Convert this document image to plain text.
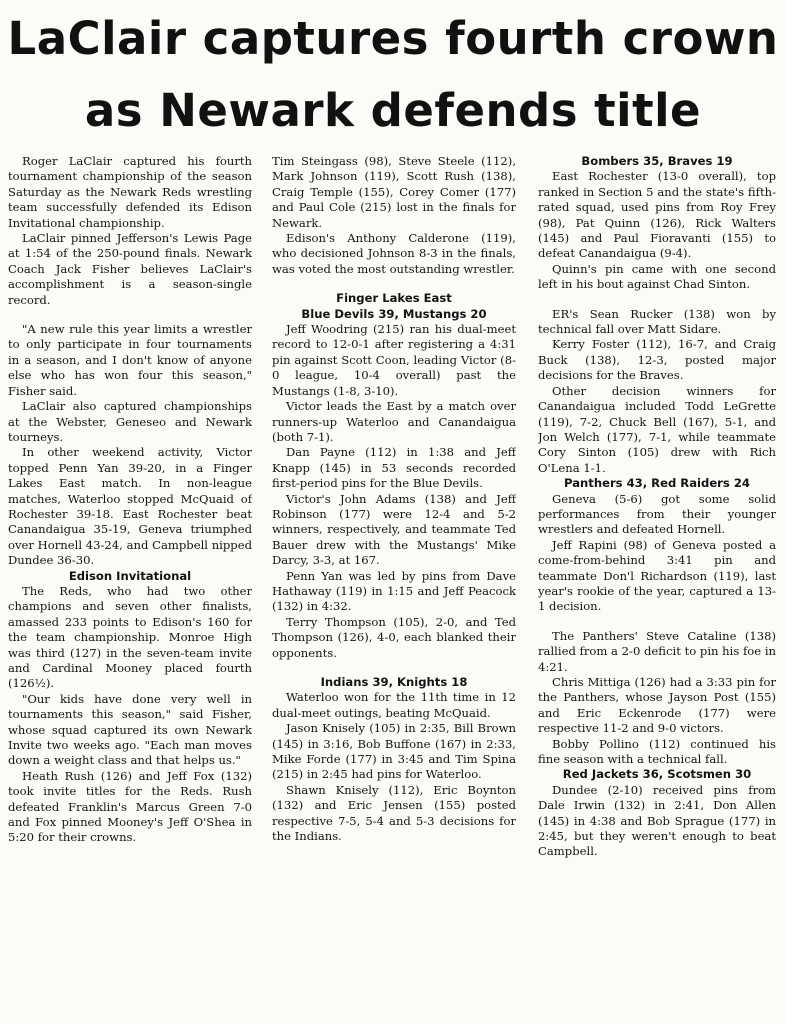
LaClair captures fourth crown
as Newark defends title

Roger LaClair captured his fourth tournament championship of the season Saturday as the Newark Reds wrestling team successfully defended its Edison Invitational championship.

LaClair pinned Jefferson's Lewis Page at 1:54 of the 250-pound finals. Newark Coach Jack Fisher believes LaClair's accomplishment is a season-single record.

"A new rule this year limits a wrestler to only participate in four tournaments in a season, and I don't know of anyone else who has won four this season," Fisher said.

LaClair also captured championships at the Webster, Geneseo and Newark tourneys.

In other weekend activity, Victor topped Penn Yan 39-20, in a Finger Lakes East match. In non-league matches, Waterloo stopped McQuaid of Rochester 39-18. East Rochester beat Canandaigua 35-19, Geneva triumphed over Hornell 43-24, and Campbell nipped Dundee 36-30.

Edison Invitational

The Reds, who had two other champions and seven other finalists, amassed 233 points to Edison's 160 for the team championship. Monroe High was third (127) in the seven-team invite and Cardinal Mooney placed fourth (126½).

"Our kids have done very well in tournaments this season," said Fisher, whose squad captured its own Newark Invite two weeks ago. "Each man moves down a weight class and that helps us."

Heath Rush (126) and Jeff Fox (132) took invite titles for the Reds. Rush defeated Franklin's Marcus Green 7-0 and Fox pinned Mooney's Jeff O'Shea in 5:20 for their crowns.

Tim Steingass (98), Steve Steele (112), Mark Johnson (119), Scott Rush (138), Craig Temple (155), Corey Comer (177) and Paul Cole (215) lost in the finals for Newark.

Edison's Anthony Calderone (119), who decisioned Johnson 8-3 in the finals, was voted the most outstanding wrestler.

Finger Lakes East

Blue Devils 39, Mustangs 20

Jeff Woodring (215) ran his dual-meet record to 12-0-1 after registering a 4:31 pin against Scott Coon, leading Victor (8-0 league, 10-4 overall) past the Mustangs (1-8, 3-10).

Victor leads the East by a match over runners-up Waterloo and Canandaigua (both 7-1).

Dan Payne (112) in 1:38 and Jeff Knapp (145) in 53 seconds recorded first-period pins for the Blue Devils.

Victor's John Adams (138) and Jeff Robinson (177) were 12-4 and 5-2 winners, respectively, and teammate Ted Bauer drew with the Mustangs' Mike Darcy, 3-3, at 167.

Penn Yan was led by pins from Dave Hathaway (119) in 1:15 and Jeff Peacock (132) in 4:32.

Terry Thompson (105), 2-0, and Ted Thompson (126), 4-0, each blanked their opponents.

Indians 39, Knights 18

Waterloo won for the 11th time in 12 dual-meet outings, beating McQuaid.

Jason Knisely (105) in 2:35, Bill Brown (145) in 3:16, Bob Buffone (167) in 2:33, Mike Forde (177) in 3:45 and Tim Spina (215) in 2:45 had pins for Waterloo.

Shawn Knisely (112), Eric Boynton (132) and Eric Jensen (155) posted respective 7-5, 5-4 and 5-3 decisions for the Indians.

Bombers 35, Braves 19

East Rochester (13-0 overall), top ranked in Section 5 and the state's fifth-rated squad, used pins from Roy Frey (98), Pat Quinn (126), Rick Walters (145) and Paul Fioravanti (155) to defeat Canandaigua (9-4).

Quinn's pin came with one second left in his bout against Chad Sinton.

ER's Sean Rucker (138) won by technical fall over Matt Sidare.

Kerry Foster (112), 16-7, and Craig Buck (138), 12-3, posted major decisions for the Braves.

Other decision winners for Canandaigua included Todd LeGrette (119), 7-2, Chuck Bell (167), 5-1, and Jon Welch (177), 7-1, while teammate Cory Sinton (105) drew with Rich O'Lena 1-1.

Panthers 43, Red Raiders 24

Geneva (5-6) got some solid performances from their younger wrestlers and defeated Hornell.

Jeff Rapini (98) of Geneva posted a come-from-behind 3:41 pin and teammate Don'l Richardson (119), last year's rookie of the year, captured a 13-1 decision.

The Panthers' Steve Cataline (138) rallied from a 2-0 deficit to pin his foe in 4:21.

Chris Mittiga (126) had a 3:33 pin for the Panthers, whose Jayson Post (155) and Eric Eckenrode (177) were respective 11-2 and 9-0 victors.

Bobby Pollino (112) continued his fine season with a technical fall.

Red Jackets 36, Scotsmen 30

Dundee (2-10) received pins from Dale Irwin (132) in 2:41, Don Allen (145) in 4:38 and Bob Sprague (177) in 2:45, but they weren't enough to beat Campbell.
